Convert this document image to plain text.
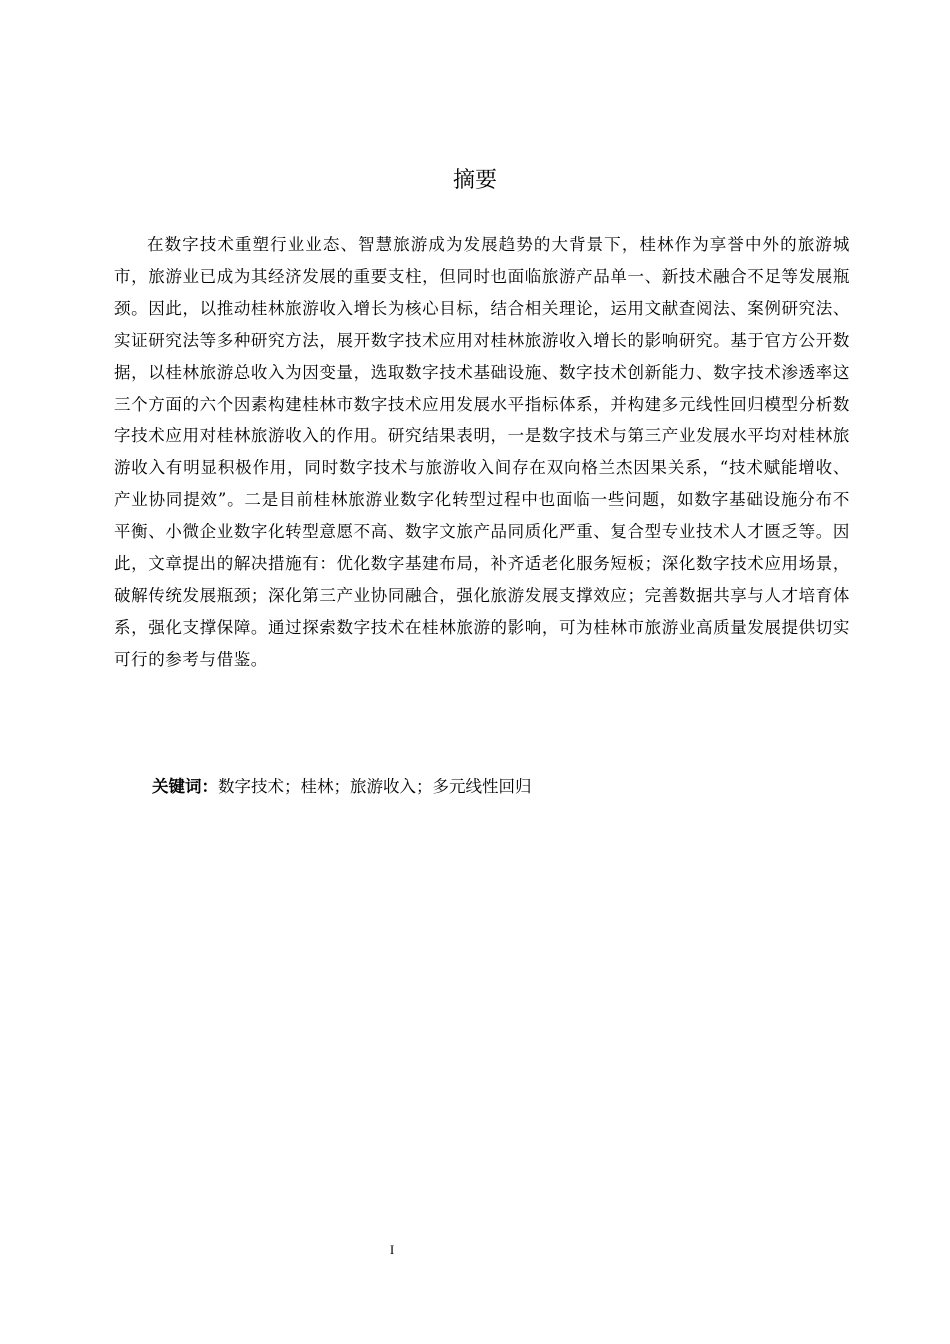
摘要

在数字技术重塑行业业态、智慧旅游成为发展趋势的大背景下，桂林作为享誉中外的旅游城市，旅游业已成为其经济发展的重要支柱，但同时也面临旅游产品单一、新技术融合不足等发展瓶颈。因此，以推动桂林旅游收入增长为核心目标，结合相关理论，运用文献查阅法、案例研究法、实证研究法等多种研究方法，展开数字技术应用对桂林旅游收入增长的影响研究。基于官方公开数据，以桂林旅游总收入为因变量，选取数字技术基础设施、数字技术创新能力、数字技术渗透率这三个方面的六个因素构建桂林市数字技术应用发展水平指标体系，并构建多元线性回归模型分析数字技术应用对桂林旅游收入的作用。研究结果表明，一是数字技术与第三产业发展水平均对桂林旅游收入有明显积极作用，同时数字技术与旅游收入间存在双向格兰杰因果关系，“技术赋能增收、产业协同提效”。二是目前桂林旅游业数字化转型过程中也面临一些问题，如数字基础设施分布不平衡、小微企业数字化转型意愿不高、数字文旅产品同质化严重、复合型专业技术人才匮乏等。因此，文章提出的解决措施有：优化数字基建布局，补齐适老化服务短板；深化数字技术应用场景，破解传统发展瓶颈；深化第三产业协同融合，强化旅游发展支撑效应；完善数据共享与人才培育体系，强化支撑保障。通过探索数字技术在桂林旅游的影响，可为桂林市旅游业高质量发展提供切实可行的参考与借鉴。

关键词：数字技术；桂林；旅游收入；多元线性回归

I
